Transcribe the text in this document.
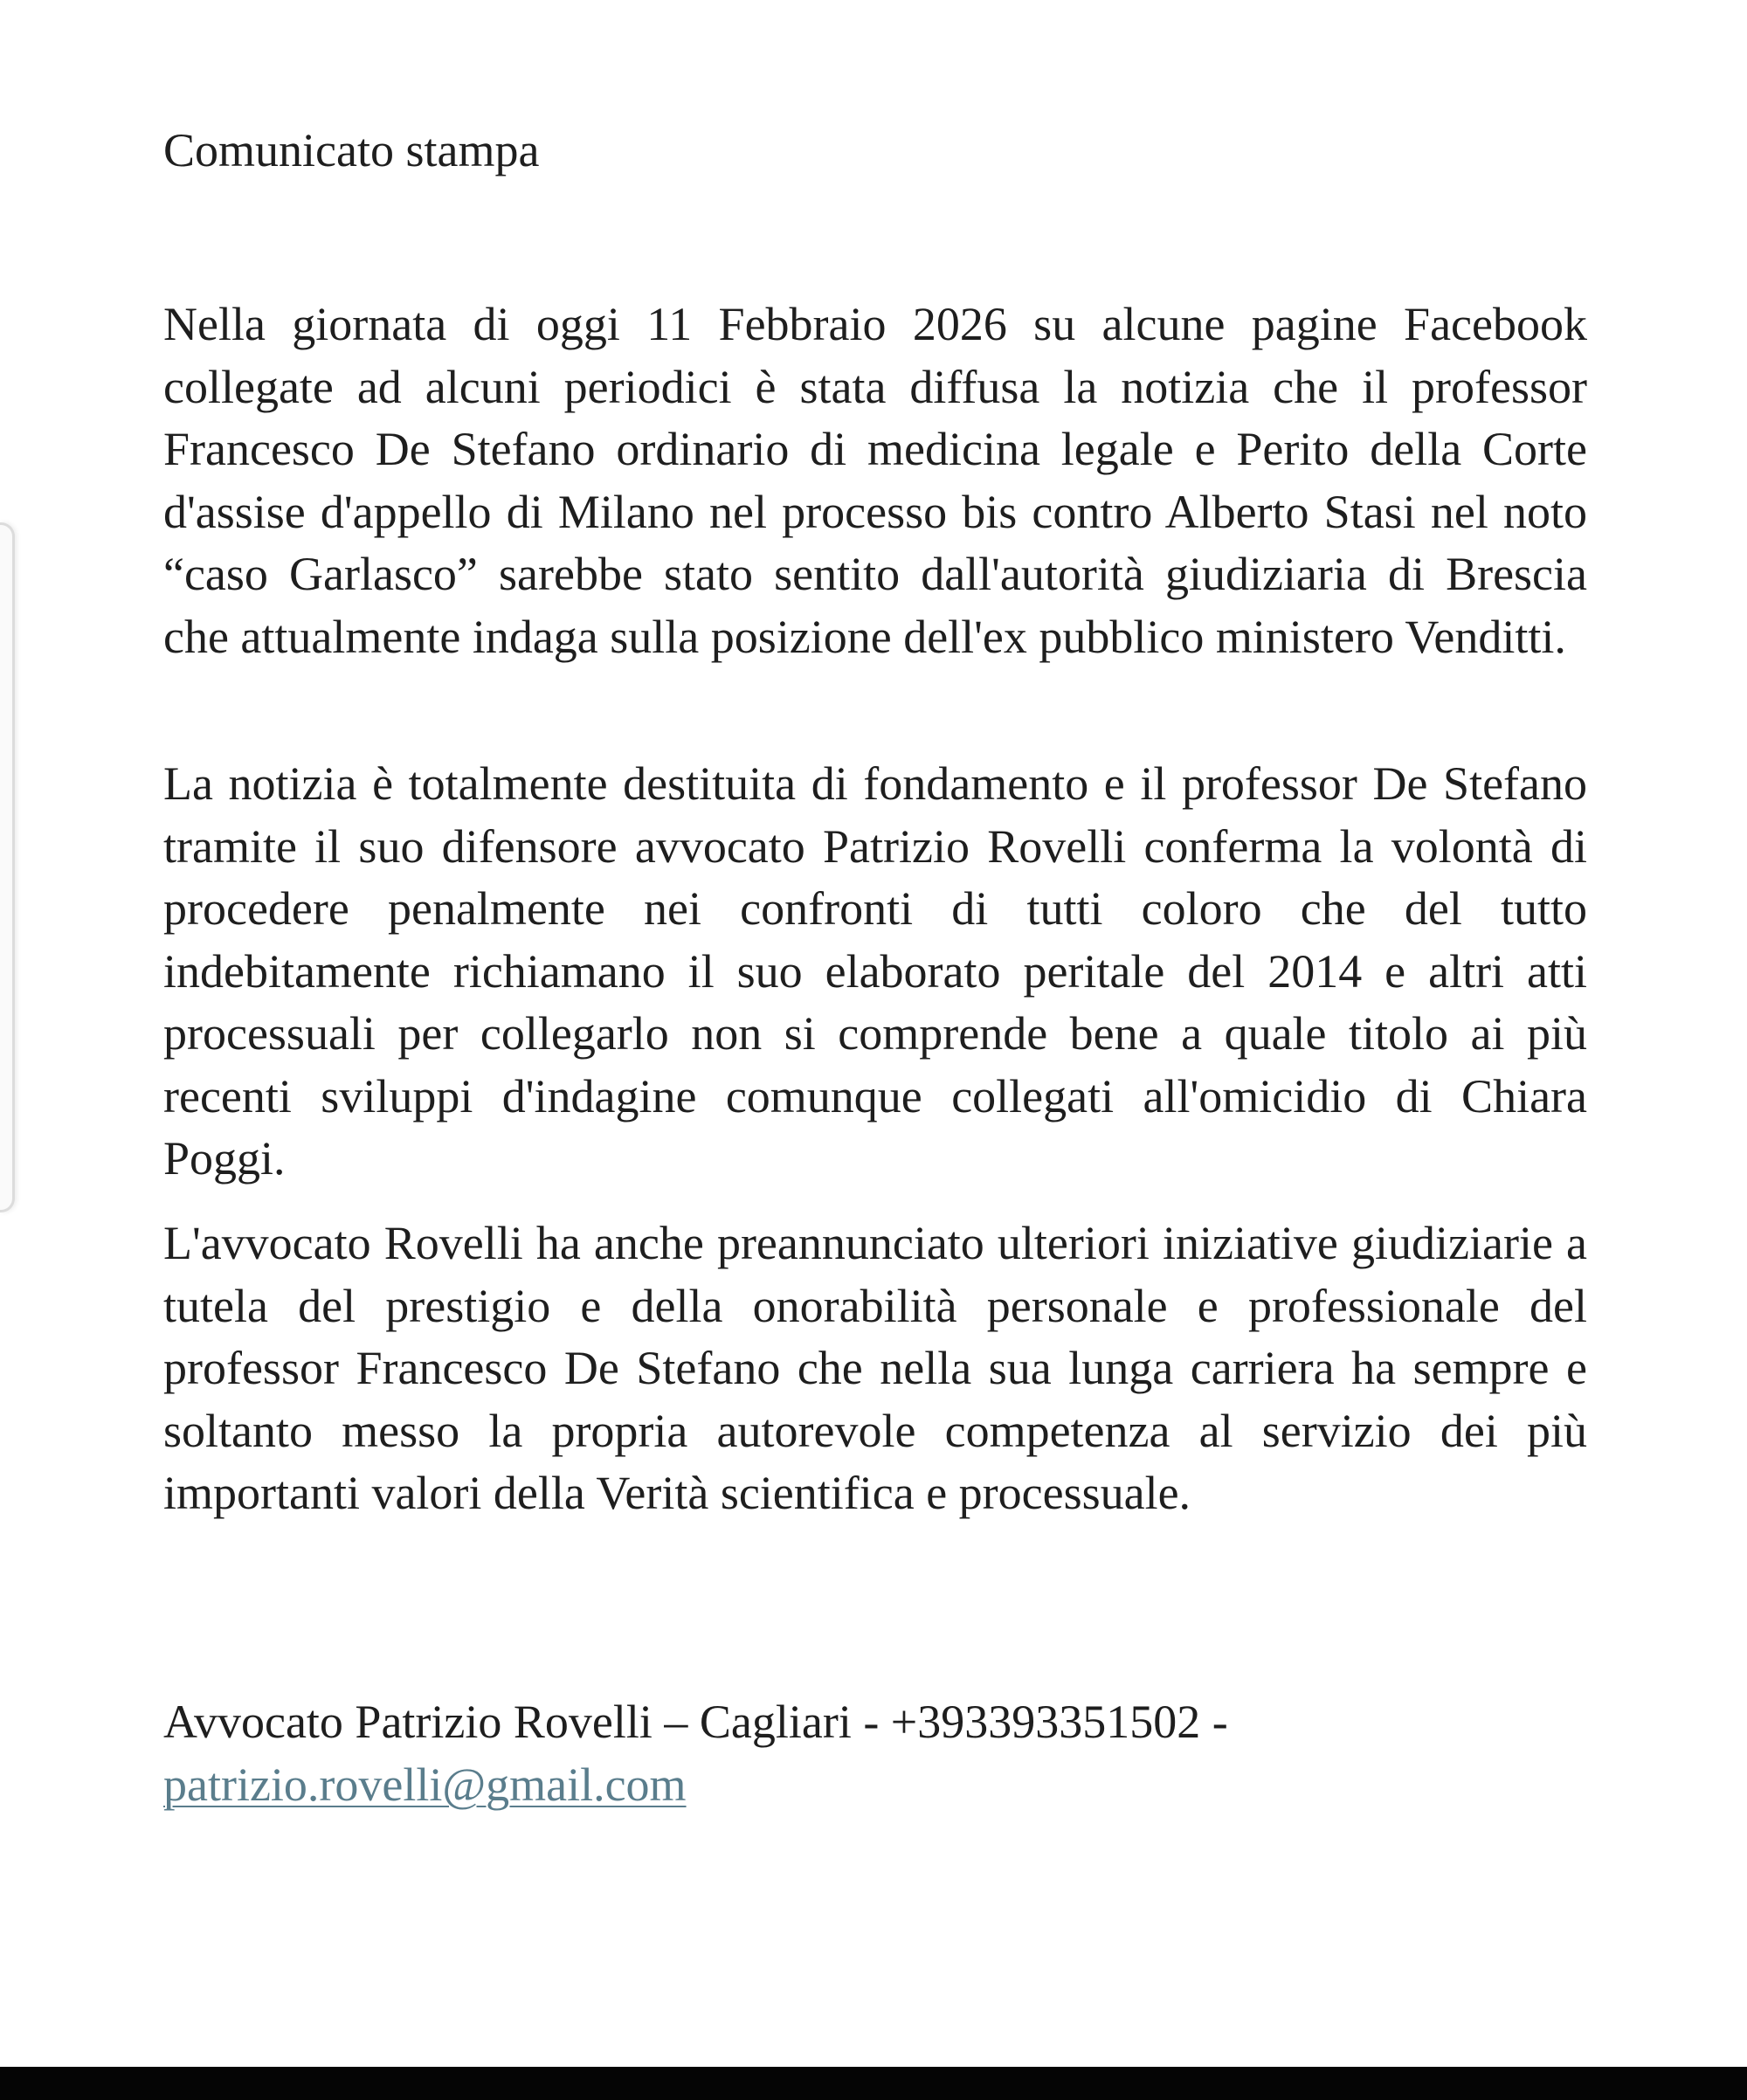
Comunicato stampa

Nella giornata di oggi 11 Febbraio 2026 su alcune pagine Facebook collegate ad alcuni periodici è stata diffusa la notizia che il professor Francesco De Stefano ordinario di medicina legale e Perito della Corte d'assise d'appello di Milano nel processo bis contro Alberto Stasi nel noto “caso Garlasco” sarebbe stato sentito dall'autorità giudiziaria di Brescia che attualmente indaga sulla posizione dell'ex pubblico ministero Venditti.

La notizia è totalmente destituita di fondamento e il professor De Stefano tramite il suo difensore avvocato Patrizio Rovelli conferma la volontà di procedere penalmente nei confronti di tutti coloro che del tutto indebitamente richiamano il suo elaborato peritale del 2014 e altri atti processuali per collegarlo non si comprende bene a quale titolo ai più recenti sviluppi d'indagine comunque collegati all'omicidio di Chiara Poggi.

L'avvocato Rovelli ha anche preannunciato ulteriori iniziative giudiziarie a tutela del prestigio e della onorabilità personale e professionale del professor Francesco De Stefano che nella sua lunga carriera ha sempre e soltanto messo la propria autorevole competenza al servizio dei più importanti valori della Verità scientifica e processuale.

Avvocato Patrizio Rovelli – Cagliari - +393393351502 -
patrizio.rovelli@gmail.com
